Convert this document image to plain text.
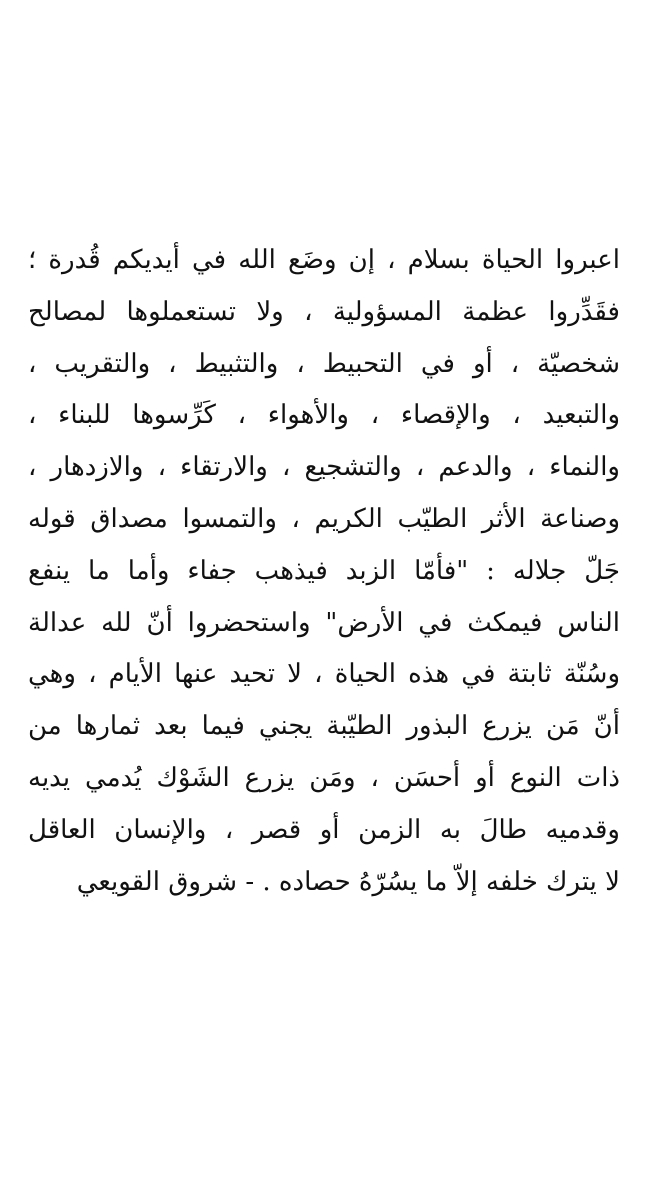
اعبروا الحياة بسلام ، إن وضَع الله في أيديكم قُدرة ؛
فقَدِّروا عظمة المسؤولية ، ولا تستعملوها لمصالح
شخصيّة ، أو في التحبيط ، والتثبيط ، والتقريب ،
والتبعيد ، والإقصاء ، والأهواء ، كَرِّسوها للبناء ،
والنماء ، والدعم ، والتشجيع ، والارتقاء ، والازدهار ،
وصناعة الأثر الطيّب الكريم ، والتمسوا مصداق قوله
جَلّ جلاله : "فأمّا الزبد فيذهب جفاء وأما ما ينفع
الناس فيمكث في الأرض" واستحضروا أنّ لله عدالة
وسُنّة ثابتة في هذه الحياة ، لا تحيد عنها الأيام ، وهي
أنّ مَن يزرع البذور الطيّبة يجني فيما بعد ثمارها من
ذات النوع أو أحسَن ، ومَن يزرع الشَوْك يُدمي يديه
وقدميه طالَ به الزمن أو قصر ، والإنسان العاقل
لا يترك خلفه إلاّ ما يسُرّهُ حصاده . - شروق القويعي
